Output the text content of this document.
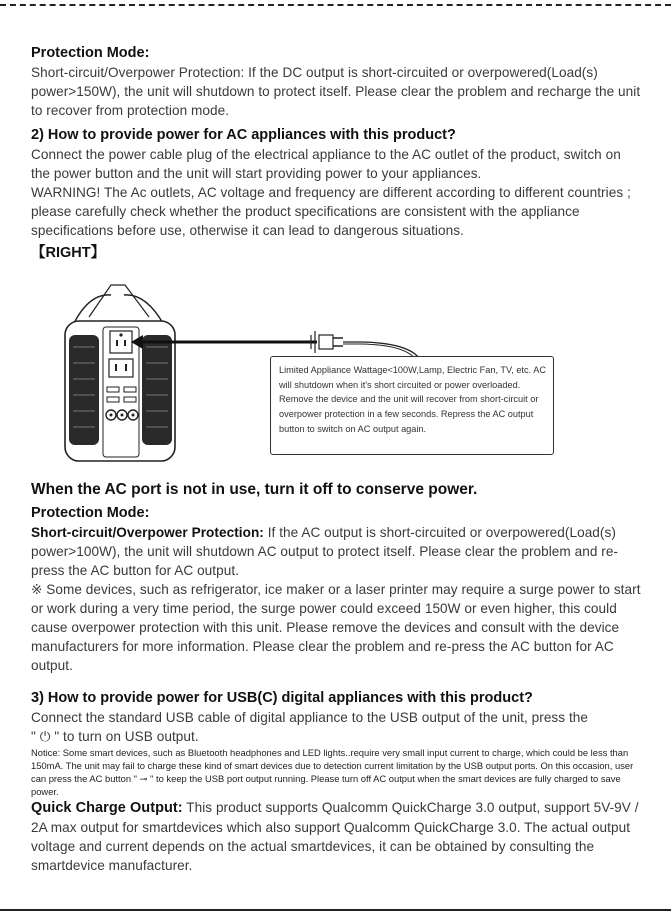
Protection Mode:

Short-circuit/Overpower Protection: If the DC output is short-circuited or overpowered(Load(s) power>150W), the unit will shutdown to protect itself. Please clear the problem and recharge the unit to recover from protection mode.

2) How to provide power for AC appliances with this product?

Connect the power cable plug of the electrical appliance to the AC outlet of the product, switch on the power button and the unit will start providing power to your appliances.

WARNING! The Ac outlets, AC voltage and frequency are different according to different countries ; please carefully check whether the product specifications are consistent with the appliance specifications before use, otherwise it can lead to dangerous situations.

【RIGHT】

Limited Appliance Wattage<100W,Lamp, Electric Fan, TV, etc. AC will shutdown when it's short circuited or power overloaded. Remove the device and the unit will recover from short-circuit or overpower protection in a few seconds. Repress the AC output button to switch on AC output again.

When the AC port is not in use, turn it off to conserve power.

Protection Mode:

Short-circuit/Overpower Protection: If the AC output is short-circuited or overpowered(Load(s) power>100W), the unit will shutdown AC output to protect itself. Please clear the problem and re-press the AC button for AC output.

※ Some devices, such as refrigerator, ice maker or a laser printer may require a surge power to start or work during a very time period, the surge power could exceed 150W or even higher, this could cause overpower protection with this unit. Please remove the devices and consult with the device manufacturers for more information. Please clear the problem and re-press the AC button for AC output.

3) How to provide power for USB(C) digital appliances with this product?

Connect the standard USB cable of digital appliance to the USB output of the unit, press the

" ⏻ " to turn on USB output.

Notice: Some smart devices, such as Bluetooth headphones and LED lights..require very small input current to charge, which could be less than 150mA. The unit may fail to charge these kind of smart devices due to detection current limitation by the USB output ports. On this occasion, user can press the AC button " ⊸ " to keep the USB port output running. Please turn off AC output when the smart devices are fully charged to save power.

Quick Charge Output: This product supports Qualcomm QuickCharge 3.0 output, support 5V-9V / 2A max output for smartdevices which also support Qualcomm QuickCharge 3.0. The actual output voltage and current depends on the actual smartdevices, it can be obtained by consulting the smartdevice manufacturer.
